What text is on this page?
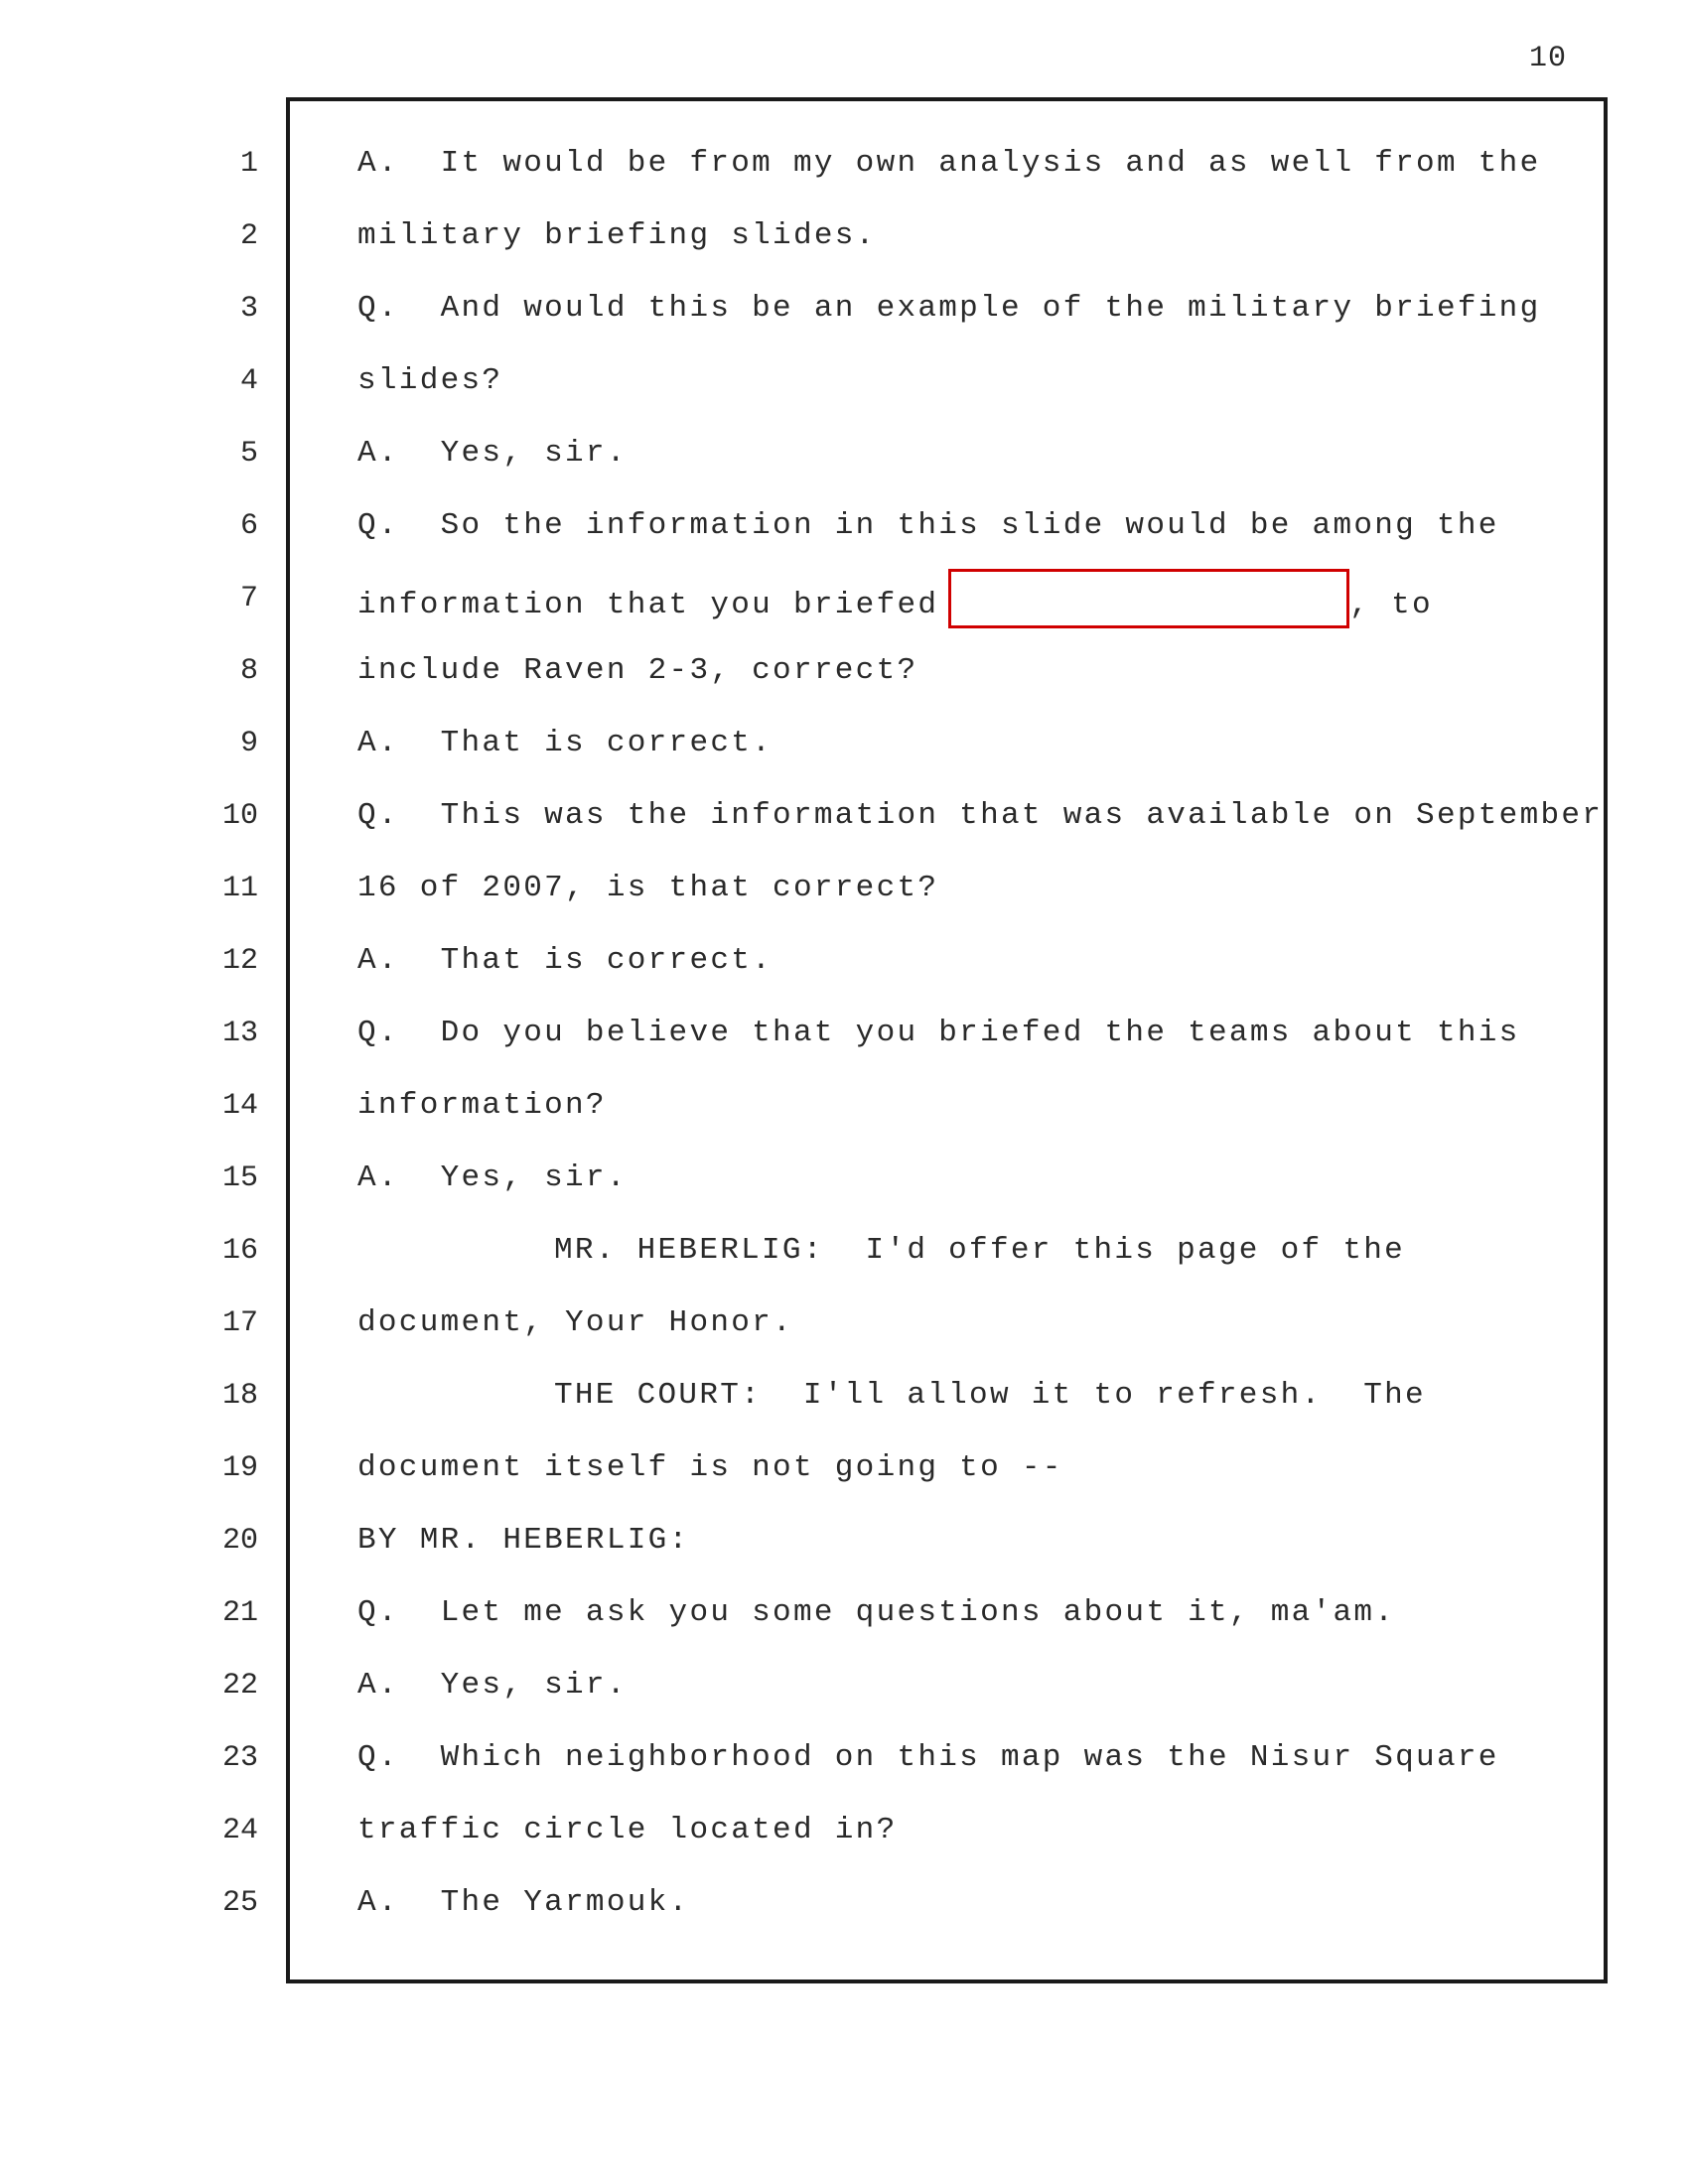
10
1	A.  It would be from my own analysis and as well from the
2	military briefing slides.
3	Q.  And would this be an example of the military briefing
4	slides?
5	A.  Yes, sir.
6	Q.  So the information in this slide would be among the
7	information that you briefed	, to
8	include Raven 2-3, correct?
9	A.  That is correct.
10	Q.  This was the information that was available on September
11	16 of 2007, is that correct?
12	A.  That is correct.
13	Q.  Do you believe that you briefed the teams about this
14	information?
15	A.  Yes, sir.
16	MR. HEBERLIG:  I'd offer this page of the
17	document, Your Honor.
18	THE COURT:  I'll allow it to refresh.  The
19	document itself is not going to --
20	BY MR. HEBERLIG:
21	Q.  Let me ask you some questions about it, ma'am.
22	A.  Yes, sir.
23	Q.  Which neighborhood on this map was the Nisur Square
24	traffic circle located in?
25	A.  The Yarmouk.
